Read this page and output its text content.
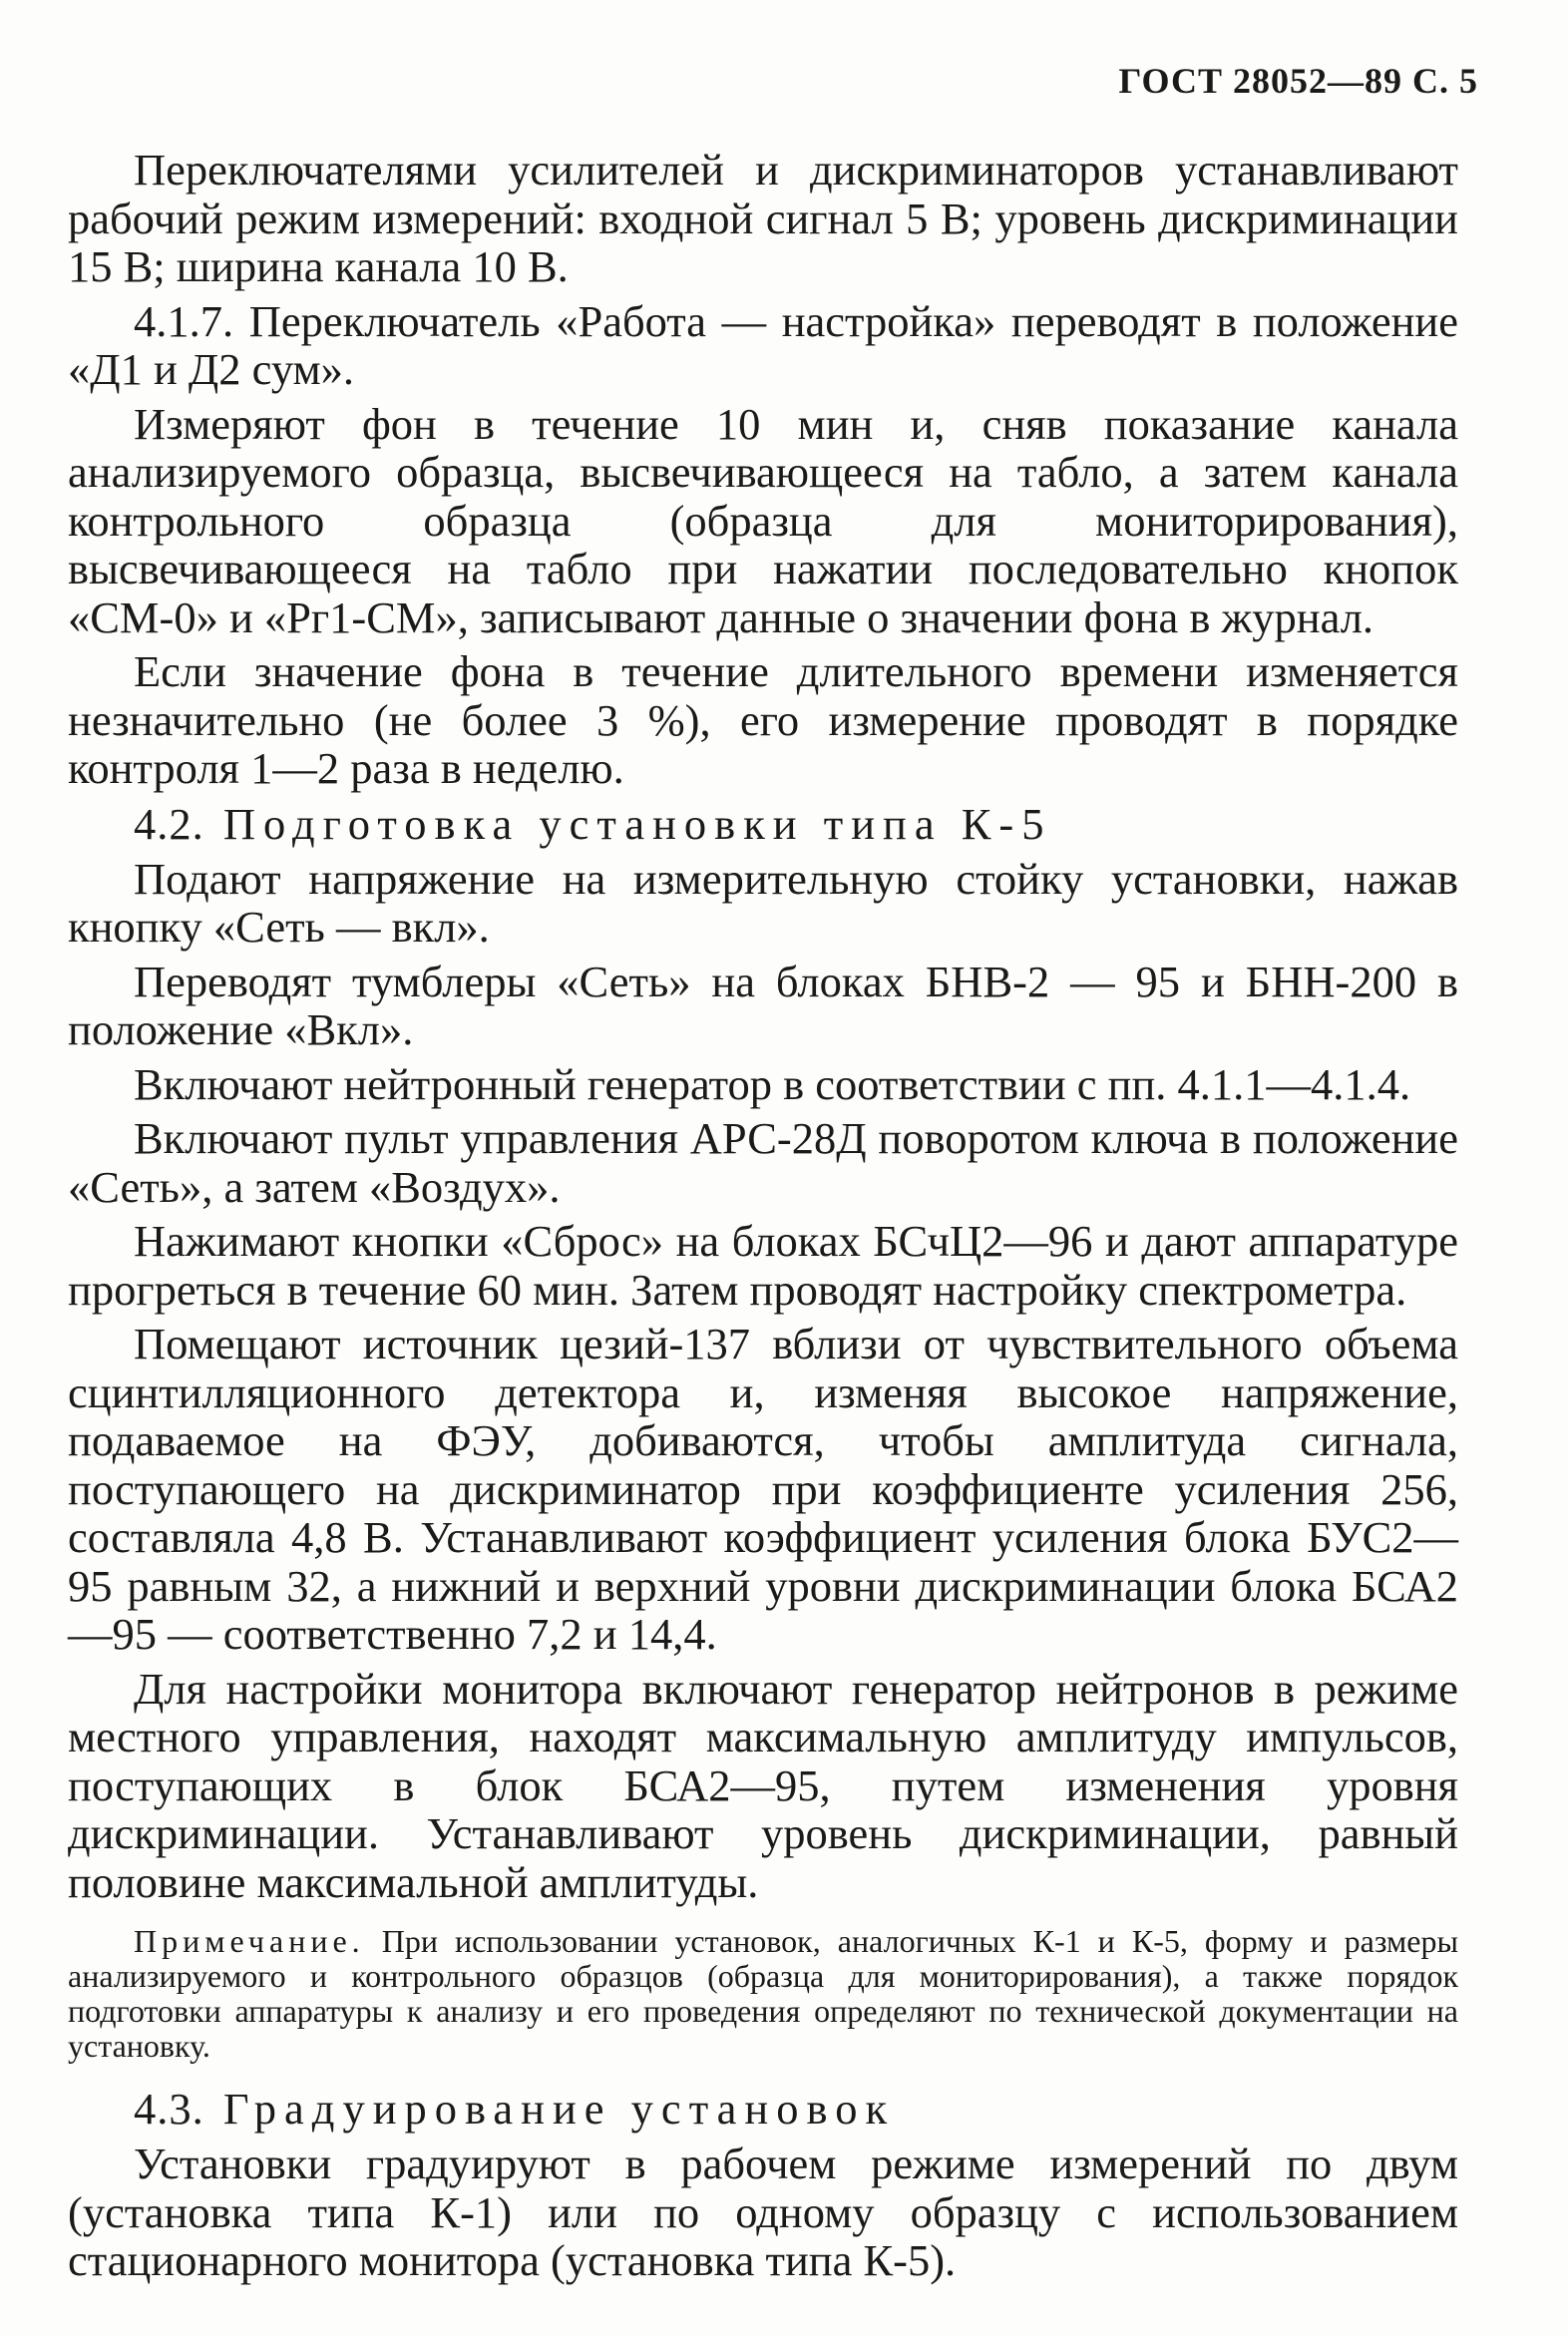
ГОСТ 28052—89 С. 5

Переключателями усилителей и дискриминаторов устанавливают рабочий режим измерений: входной сигнал 5 В; уровень дискриминации 15 В; ширина канала 10 В.

4.1.7. Переключатель «Работа — настройка» переводят в положение «Д1 и Д2 сум».

Измеряют фон в течение 10 мин и, сняв показание канала анализируемого образца, высвечивающееся на табло, а затем канала контрольного образца (образца для мониторирования), высвечивающееся на табло при нажатии последовательно кнопок «СМ-0» и «Рг1-СМ», записывают данные о значении фона в журнал.

Если значение фона в течение длительного времени изменяется незначительно (не более 3 %), его измерение проводят в порядке контроля 1—2 раза в неделю.

4.2. Подготовка установки типа К-5

Подают напряжение на измерительную стойку установки, нажав кнопку «Сеть — вкл».

Переводят тумблеры «Сеть» на блоках БНВ-2 — 95 и БНН-200 в положение «Вкл».

Включают нейтронный генератор в соответствии с пп. 4.1.1—4.1.4.

Включают пульт управления АРС-28Д поворотом ключа в положение «Сеть», а затем «Воздух».

Нажимают кнопки «Сброс» на блоках БСчЦ2—96 и дают аппаратуре прогреться в течение 60 мин. Затем проводят настройку спектрометра.

Помещают источник цезий-137 вблизи от чувствительного объема сцинтилляционного детектора и, изменяя высокое напряжение, подаваемое на ФЭУ, добиваются, чтобы амплитуда сигнала, поступающего на дискриминатор при коэффициенте усиления 256, составляла 4,8 В. Устанавливают коэффициент усиления блока БУС2—95 равным 32, а нижний и верхний уровни дискриминации блока БСА2—95 — соответственно 7,2 и 14,4.

Для настройки монитора включают генератор нейтронов в режиме местного управления, находят максимальную амплитуду импульсов, поступающих в блок БСА2—95, путем изменения уровня дискриминации. Устанавливают уровень дискриминации, равный половине максимальной амплитуды.

Примечание. При использовании установок, аналогичных К-1 и К-5, форму и размеры анализируемого и контрольного образцов (образца для мониторирования), а также порядок подготовки аппаратуры к анализу и его проведения определяют по технической документации на установку.

4.3. Градуирование установок

Установки градуируют в рабочем режиме измерений по двум (установка типа К-1) или по одному образцу с использованием стационарного монитора (установка типа К-5).
